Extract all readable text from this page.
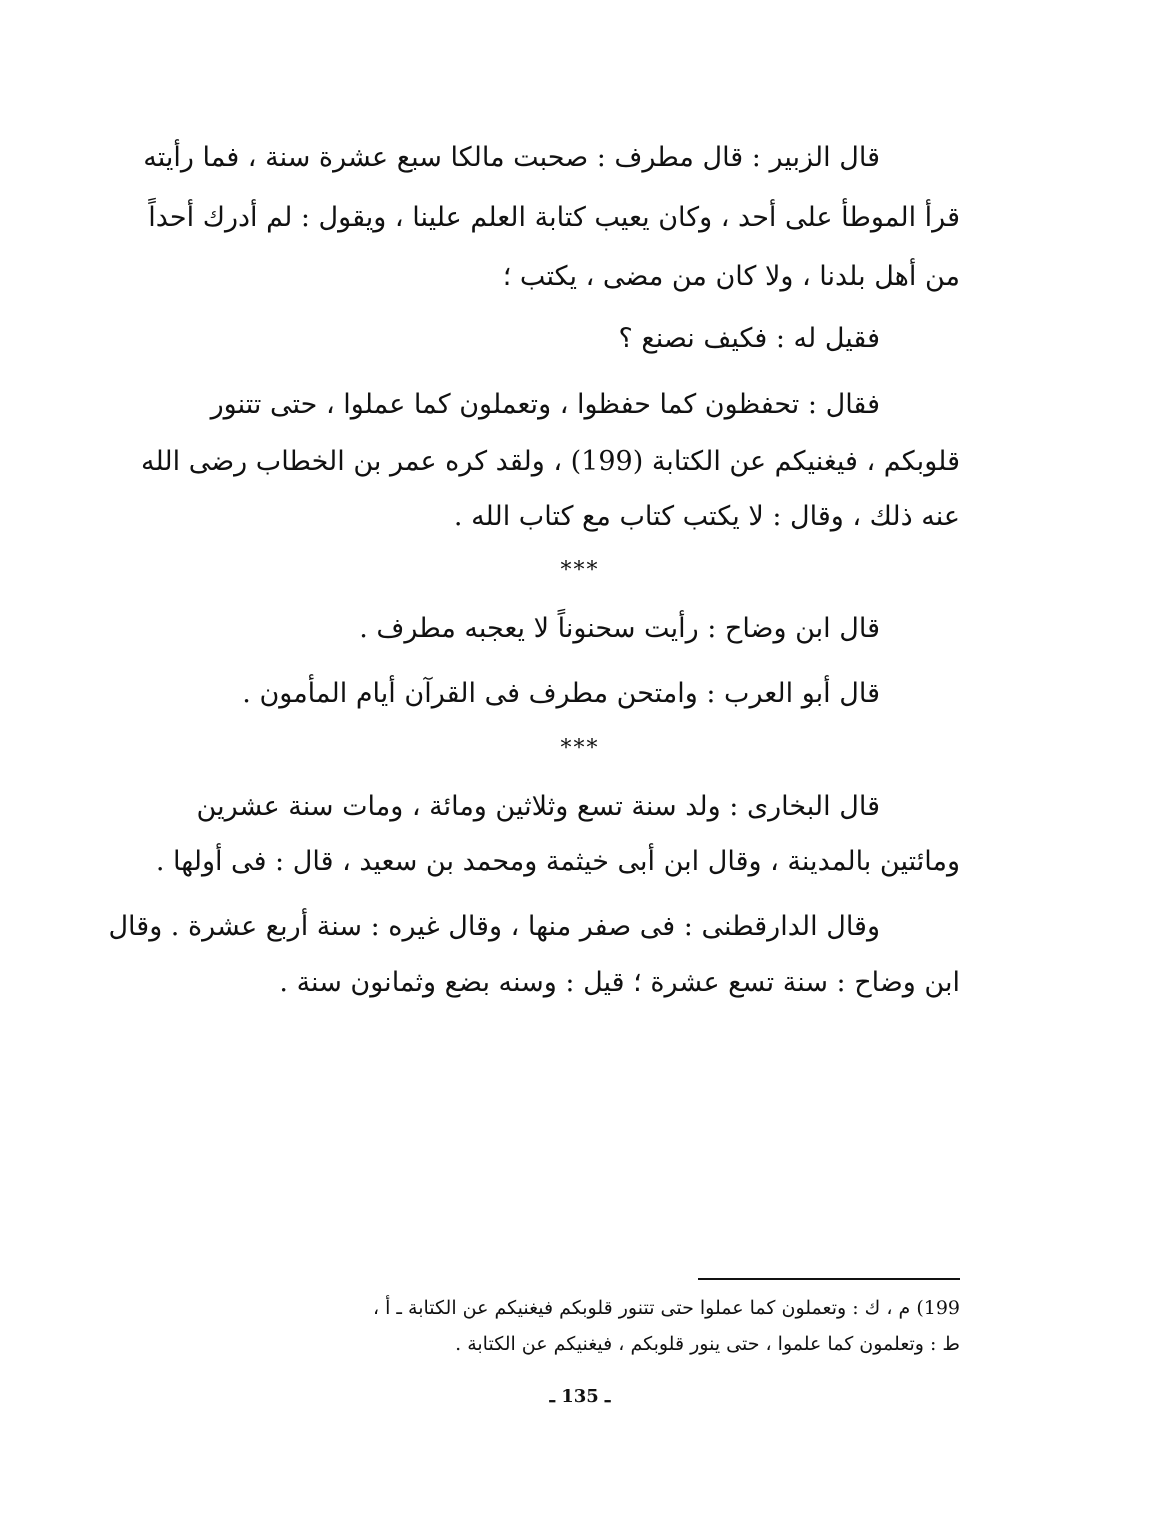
قال الزبير : قال مطرف : صحبت مالكا سبع عشرة سنة ، فما رأيته
قرأ الموطأ على أحد ، وكان يعيب كتابة العلم علينا ، ويقول : لم أدرك أحداً
من أهل بلدنا ، ولا كان من مضى ، يكتب ؛
فقيل له : فكيف نصنع ؟
فقال : تحفظون كما حفظوا ، وتعملون كما عملوا ، حتى تتنور
قلوبكم ، فيغنيكم عن الكتابة (199) ، ولقد كره عمر بن الخطاب رضى الله
عنه ذلك ، وقال : لا يكتب كتاب مع كتاب الله .
***
قال ابن وضاح : رأيت سحنوناً لا يعجبه مطرف .
قال أبو العرب : وامتحن مطرف فى القرآن أيام المأمون .
***
قال البخارى : ولد سنة تسع وثلاثين ومائة ، ومات سنة عشرين
ومائتين بالمدينة ، وقال ابن أبى خيثمة ومحمد بن سعيد ، قال : فى أولها .
وقال الدارقطنى : فى صفر منها ، وقال غيره : سنة أربع عشرة . وقال
ابن وضاح : سنة تسع عشرة ؛ قيل : وسنه بضع وثمانون سنة .
199) م ، ك : وتعملون كما عملوا حتى تتنور قلوبكم فيغنيكم عن الكتابة ـ أ ،
ط : وتعلمون كما علموا ، حتى ينور قلوبكم ، فيغنيكم عن الكتابة .
ـ 135 ـ
